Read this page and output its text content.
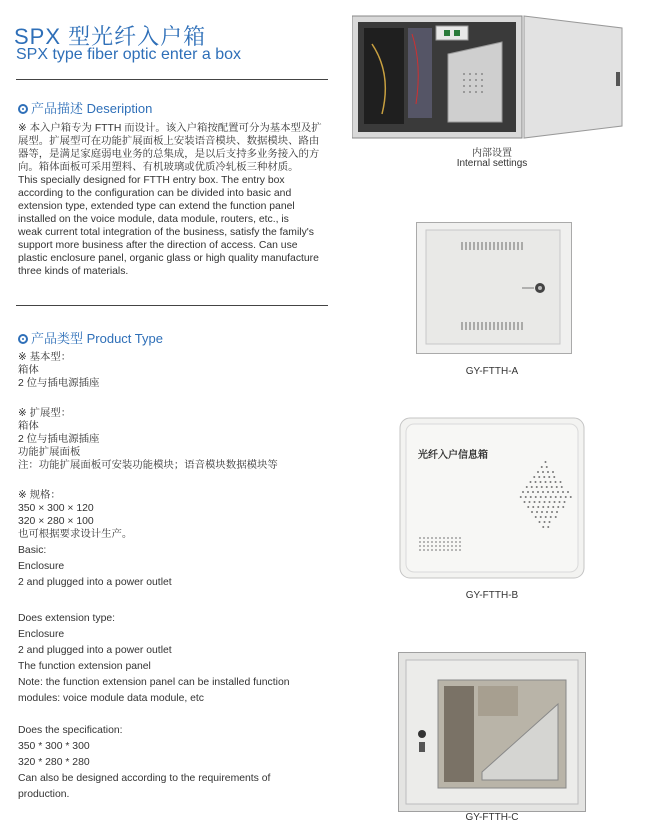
SPX 型光纤入户箱
SPX type fiber optic enter a box
产品描述 Deseription
※ 本入户箱专为 FTTH 而设计。该入户箱按配置可分为基本型及扩
展型。扩展型可在功能扩展面板上安装语音模块、数据模块、路由
器等，是满足家庭弱电业务的总集成，是以后支持多业务接入的方
向。箱体面板可采用塑料、有机玻璃或优质冷轧板三种材质。
This specially designed for FTTH entry box. The entry box
according to the configuration can be divided into basic and
extension type, extended type can extend the function panel
installed on the voice module, data module, routers, etc., is
weak current total integration of the business, satisfy the family's
support more business after the direction of access. Can use
plastic enclosure panel, organic glass or high quality manufacture
three kinds of materials.
产品类型 Product Type
※ 基本型：
箱体
2 位与插电源插座
※ 扩展型：
箱体
2 位与插电源插座
功能扩展面板
注：功能扩展面板可安装功能模块；语音模块数据模块等
※ 规格：
350 × 300 × 120
320 × 280 × 100
也可根据要求设计生产。
Basic:
Enclosure
2 and plugged into a power outlet
Does extension type:
Enclosure
2 and plugged into a power outlet
The function extension panel
Note: the function extension panel can be installed function
modules: voice module data module, etc
Does the specification:
350 * 300 * 300
320 * 280 * 280
Can also be designed according to the requirements of
production.
内部设置
Internal settings
GY-FTTH-A
光纤入户信息箱
GY-FTTH-B
GY-FTTH-C
